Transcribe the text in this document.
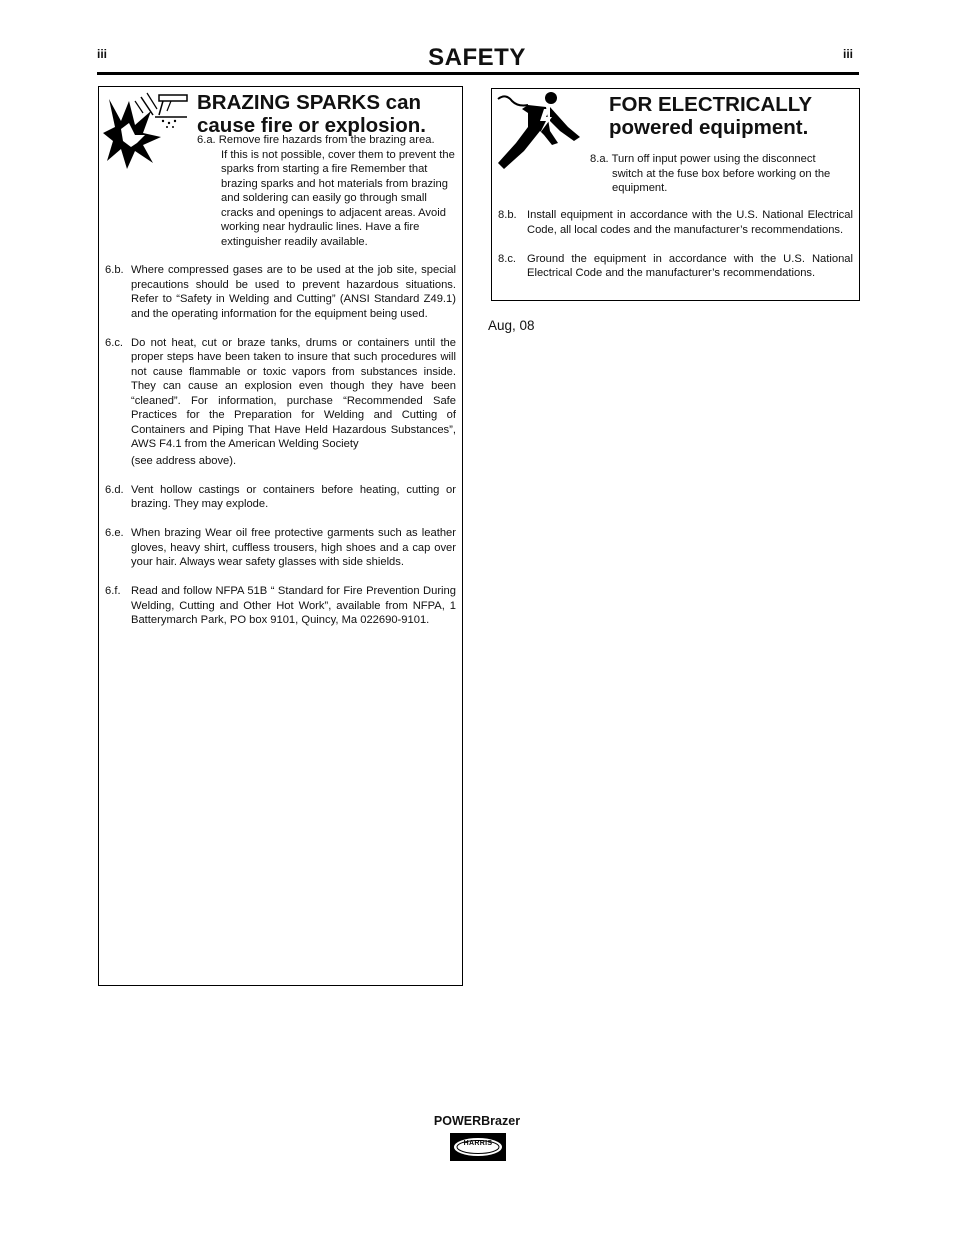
iii	SAFETY	iii
BRAZING SPARKS can cause fire or explosion.
6.a. Remove fire hazards from the brazing area.
If this is not possible, cover them to prevent the sparks from starting a fire Remember that brazing sparks and hot materials from brazing and soldering can easily go through small cracks and openings to adjacent areas. Avoid working near hydraulic lines. Have a fire extinguisher readily available.
6.b. Where compressed gases are to be used at the job site, special precautions should be used to prevent hazardous situations. Refer to “Safety in Welding and Cutting” (ANSI Standard Z49.1) and the operating information for the equipment being used.
6.c. Do not heat, cut or braze tanks, drums or containers until the proper steps have been taken to insure that such procedures will not cause flammable or toxic vapors from substances inside. They can cause an explosion even though they have been “cleaned”. For information, purchase “Recommended Safe Practices for the Preparation for Welding and Cutting of Containers and Piping That Have Held Hazardous Substances”, AWS F4.1 from the American Welding Society
(see address above).
6.d. Vent hollow castings or containers before heating, cutting or brazing. They may explode.
6.e. When brazing Wear oil free protective garments such as leather gloves, heavy shirt, cuffless trousers, high shoes and a cap over your hair. Always wear safety glasses with side shields.
6.f. Read and follow NFPA 51B “ Standard for Fire Prevention During Welding, Cutting and Other Hot Work”, available from NFPA, 1 Batterymarch Park, PO box 9101, Quincy, Ma 022690-9101.
FOR ELECTRICALLY powered equipment.
8.a. Turn off input power using the disconnect
switch at the fuse box before working on the equipment.
8.b. Install equipment in accordance with the U.S. National Electrical Code, all local codes and the manufacturer’s recommendations.
8.c. Ground the equipment in accordance with the U.S. National Electrical Code and the manufacturer’s recommendations.
Aug, 08
POWERBrazer
HARRIS
